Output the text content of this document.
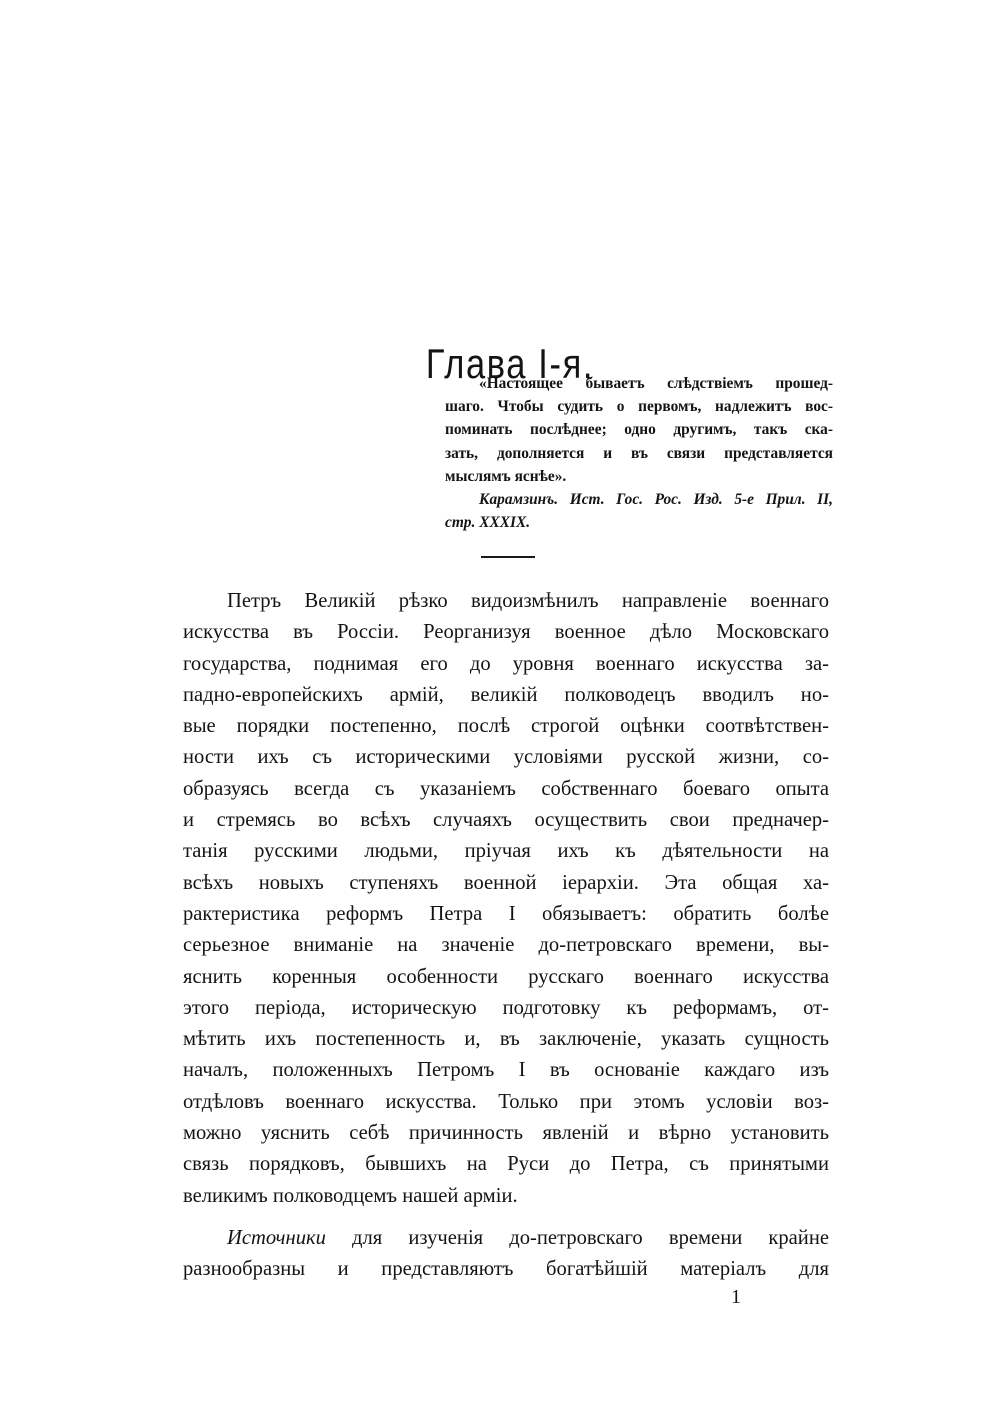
Глава I-я.
«Настоящее бываетъ слѣдствіемъ прошед-
шаго. Чтобы судить о первомъ, надлежитъ вос-
поминать послѣднее; одно другимъ, такъ ска-
зать, дополняется и въ связи представляется
мыслямъ яснѣе».
Карамзинъ. Ист. Гос. Рос. Изд. 5-е Прил. II,
стр. XXXIX.
Петръ Великій рѣзко видоизмѣнилъ направленіе военнаго
искусства въ Россіи. Реорганизуя военное дѣло Московскаго
государства, поднимая его до уровня военнаго искусства за-
падно-европейскихъ армій, великій полководецъ вводилъ но-
вые порядки постепенно, послѣ строгой оцѣнки соотвѣтствен-
ности ихъ съ историческими условіями русской жизни, со-
образуясь всегда съ указаніемъ собственнаго боеваго опыта
и стремясь во всѣхъ случаяхъ осуществить свои предначер-
танія русскими людьми, пріучая ихъ къ дѣятельности на
всѣхъ новыхъ ступеняхъ военной іерархіи. Эта общая ха-
рактеристика реформъ Петра I обязываетъ: обратить болѣе
серьезное вниманіе на значеніе до-петровскаго времени, вы-
яснить коренныя особенности русскаго военнаго искусства
этого періода, историческую подготовку къ реформамъ, от-
мѣтить ихъ постепенность и, въ заключеніе, указать сущность
началъ, положенныхъ Петромъ I въ основаніе каждаго изъ
отдѣловъ военнаго искусства. Только при этомъ условіи воз-
можно уяснить себѣ причинность явленій и вѣрно установить
связь порядковъ, бывшихъ на Руси до Петра, съ принятыми
великимъ полководцемъ нашей арміи.
Источники для изученія до-петровскаго времени крайне
разнообразны и представляютъ богатѣйшій матеріалъ для
1
